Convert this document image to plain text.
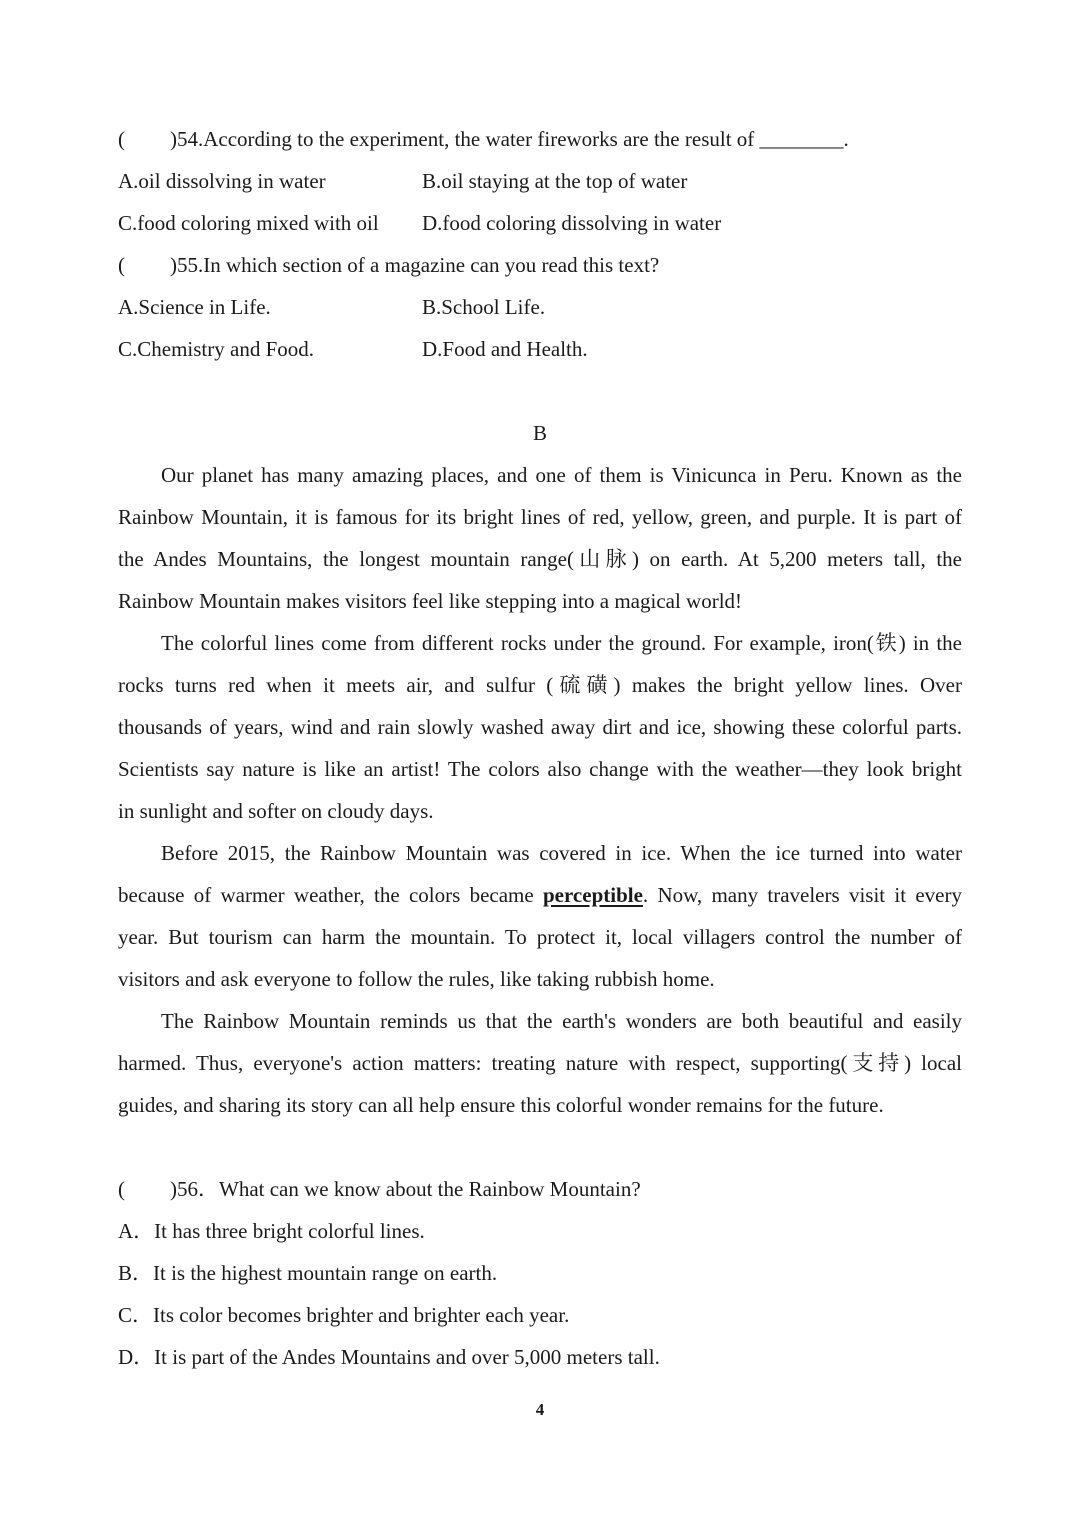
( )54.According to the experiment, the water fireworks are the result of ________.
A.oil dissolving in water	B.oil staying at the top of water
C.food coloring mixed with oil D.food coloring dissolving in water
( )55.In which section of a magazine can you read this text?
A.Science in Life.	B.School Life.
C.Chemistry and Food.	D.Food and Health.
B
Our planet has many amazing places, and one of them is Vinicunca in Peru. Known as the
Rainbow Mountain, it is famous for its bright lines of red, yellow, green, and purple. It is part of
the Andes Mountains, the longest mountain range(山脉) on earth. At 5,200 meters tall, the
Rainbow Mountain makes visitors feel like stepping into a magical world!
The colorful lines come from different rocks under the ground. For example, iron(铁) in the
rocks turns red when it meets air, and sulfur (硫磺) makes the bright yellow lines. Over
thousands of years, wind and rain slowly washed away dirt and ice, showing these colorful parts.
Scientists say nature is like an artist! The colors also change with the weather—they look bright
in sunlight and softer on cloudy days.
Before 2015, the Rainbow Mountain was covered in ice. When the ice turned into water
because of warmer weather, the colors became perceptible. Now, many travelers visit it every
year. But tourism can harm the mountain. To protect it, local villagers control the number of
visitors and ask everyone to follow the rules, like taking rubbish home.
The Rainbow Mountain reminds us that the earth's wonders are both beautiful and easily
harmed. Thus, everyone's action matters: treating nature with respect, supporting(支持) local
guides, and sharing its story can all help ensure this colorful wonder remains for the future.
( )56．What can we know about the Rainbow Mountain?
A．It has three bright colorful lines.
B．It is the highest mountain range on earth.
C．Its color becomes brighter and brighter each year.
D．It is part of the Andes Mountains and over 5,000 meters tall.
4
